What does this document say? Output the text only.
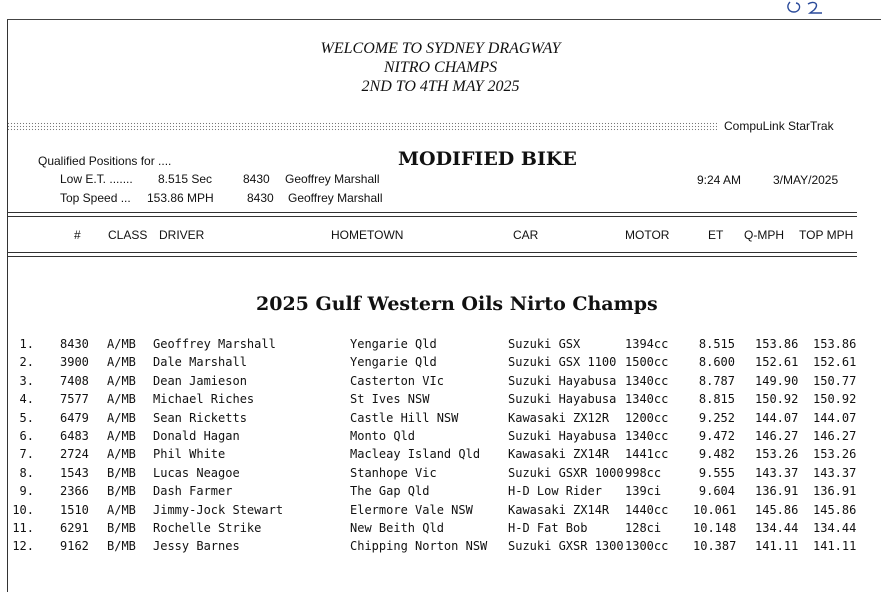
WELCOME TO SYDNEY DRAGWAY
NITRO CHAMPS
2ND TO 4TH MAY 2025
CompuLink StarTrak
Qualified Positions for ....	MODIFIED BIKE
Low E.T. ....... 8.515 Sec	8430 Geoffrey Marshall
Top Speed ... 153.86 MPH	8430 Geoffrey Marshall
9:24 AM	3/MAY/2025
# CLASS DRIVER	HOMETOWN	CAR	MOTOR	ET Q-MPH TOP MPH
2025 Gulf Western Oils Nirto Champs
1. 8430 A/MB Geoffrey Marshall	Yengarie Qld	Suzuki GSX	1394cc	8.515 153.86 153.86
2. 3900 A/MB Dale Marshall	Yengarie Qld	Suzuki GSX 1100 1500cc	8.600 152.61 152.61
3. 7408 A/MB Dean Jamieson	Casterton VIc	Suzuki Hayabusa 1340cc	8.787 149.90 150.77
4. 7577 A/MB Michael Riches	St Ives NSW	Suzuki Hayabusa 1340cc	8.815 150.92 150.92
5. 6479 A/MB Sean Ricketts	Castle Hill NSW	Kawasaki ZX12R 1200cc	9.252 144.07 144.07
6. 6483 A/MB Donald Hagan	Monto Qld	Suzuki Hayabusa 1340cc	9.472 146.27 146.27
7. 2724 A/MB Phil White	Macleay Island Qld Kawasaki ZX14R 1441cc	9.482 153.26 153.26
8. 1543 B/MB Lucas Neagoe	Stanhope Vic	Suzuki GSXR 1000 998cc	9.555 143.37 143.37
9. 2366 B/MB Dash Farmer	The Gap Qld	H-D Low Rider 139ci	9.604 136.91 136.91
10. 1510 A/MB Jimmy-Jock Stewart	Elermore Vale NSW	Kawasaki ZX14R 1440cc 10.061 145.86 145.86
11. 6291 B/MB Rochelle Strike	New Beith Qld	H-D Fat Bob	128ci	10.148 134.44 134.44
12. 9162 B/MB Jessy Barnes	Chipping Norton NSW Suzuki GXSR 1300 1300cc 10.387 141.11 141.11
